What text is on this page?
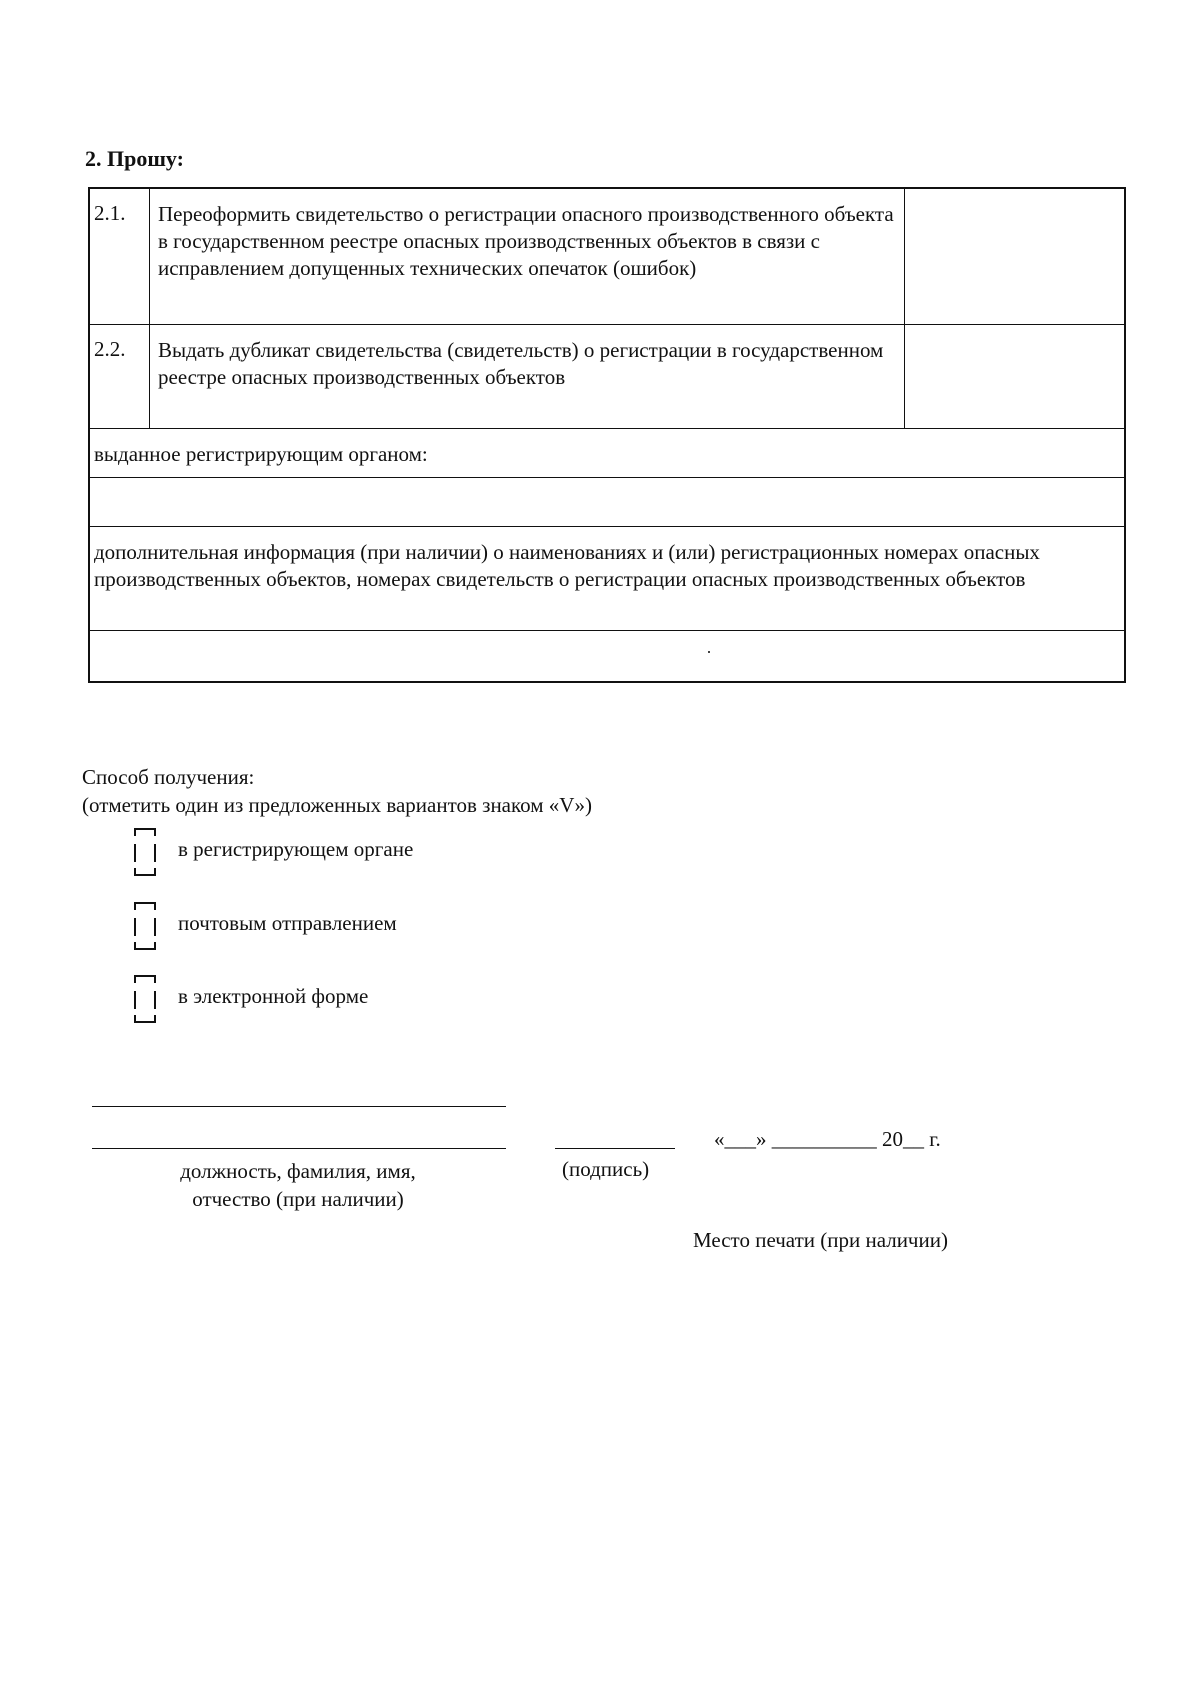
2. Прошу:
2.1.	Переоформить свидетельство о регистрации опасного производственного объекта в государственном реестре опасных производственных объектов в связи с исправлением допущенных технических опечаток (ошибок)
2.2.	Выдать дубликат свидетельства (свидетельств) о регистрации в государственном реестре опасных производственных объектов
выданное регистрирующим органом:
дополнительная информация (при наличии) о наименованиях и (или) регистрационных номерах опасных производственных объектов, номерах свидетельств о регистрации опасных производственных объектов
Способ получения:
(отметить один из предложенных вариантов знаком «V»)
в регистрирующем органе
почтовым отправлением
в электронной форме
«___» __________ 20__ г.
должность, фамилия, имя,
отчество (при наличии)
(подпись)
Место печати (при наличии)
